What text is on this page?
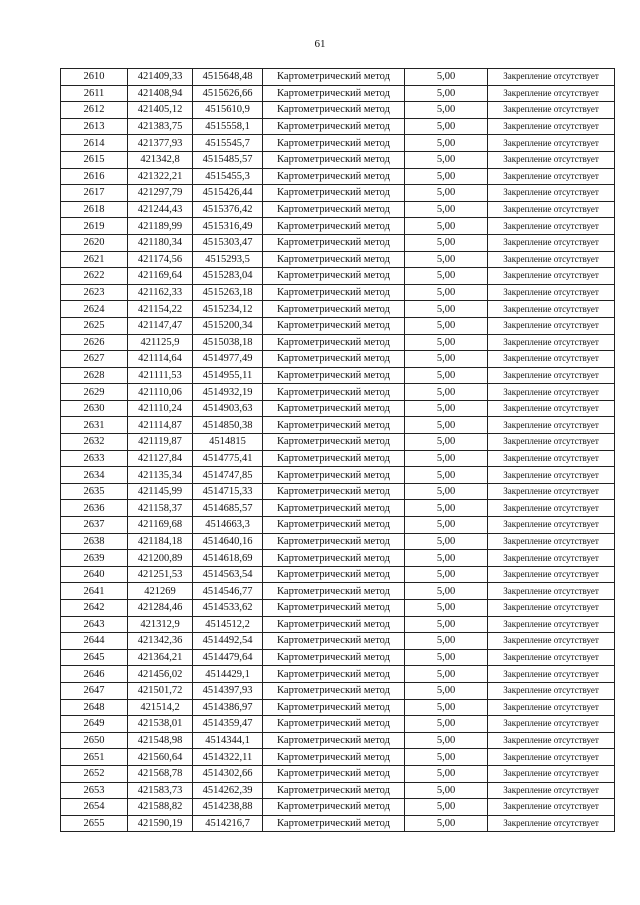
61
2610	421409,33	4515648,48	Картометрический метод	5,00	Закрепление отсутствует
2611	421408,94	4515626,66	Картометрический метод	5,00	Закрепление отсутствует
2612	421405,12	4515610,9	Картометрический метод	5,00	Закрепление отсутствует
2613	421383,75	4515558,1	Картометрический метод	5,00	Закрепление отсутствует
2614	421377,93	4515545,7	Картометрический метод	5,00	Закрепление отсутствует
2615	421342,8	4515485,57	Картометрический метод	5,00	Закрепление отсутствует
2616	421322,21	4515455,3	Картометрический метод	5,00	Закрепление отсутствует
2617	421297,79	4515426,44	Картометрический метод	5,00	Закрепление отсутствует
2618	421244,43	4515376,42	Картометрический метод	5,00	Закрепление отсутствует
2619	421189,99	4515316,49	Картометрический метод	5,00	Закрепление отсутствует
2620	421180,34	4515303,47	Картометрический метод	5,00	Закрепление отсутствует
2621	421174,56	4515293,5	Картометрический метод	5,00	Закрепление отсутствует
2622	421169,64	4515283,04	Картометрический метод	5,00	Закрепление отсутствует
2623	421162,33	4515263,18	Картометрический метод	5,00	Закрепление отсутствует
2624	421154,22	4515234,12	Картометрический метод	5,00	Закрепление отсутствует
2625	421147,47	4515200,34	Картометрический метод	5,00	Закрепление отсутствует
2626	421125,9	4515038,18	Картометрический метод	5,00	Закрепление отсутствует
2627	421114,64	4514977,49	Картометрический метод	5,00	Закрепление отсутствует
2628	421111,53	4514955,11	Картометрический метод	5,00	Закрепление отсутствует
2629	421110,06	4514932,19	Картометрический метод	5,00	Закрепление отсутствует
2630	421110,24	4514903,63	Картометрический метод	5,00	Закрепление отсутствует
2631	421114,87	4514850,38	Картометрический метод	5,00	Закрепление отсутствует
2632	421119,87	4514815	Картометрический метод	5,00	Закрепление отсутствует
2633	421127,84	4514775,41	Картометрический метод	5,00	Закрепление отсутствует
2634	421135,34	4514747,85	Картометрический метод	5,00	Закрепление отсутствует
2635	421145,99	4514715,33	Картометрический метод	5,00	Закрепление отсутствует
2636	421158,37	4514685,57	Картометрический метод	5,00	Закрепление отсутствует
2637	421169,68	4514663,3	Картометрический метод	5,00	Закрепление отсутствует
2638	421184,18	4514640,16	Картометрический метод	5,00	Закрепление отсутствует
2639	421200,89	4514618,69	Картометрический метод	5,00	Закрепление отсутствует
2640	421251,53	4514563,54	Картометрический метод	5,00	Закрепление отсутствует
2641	421269	4514546,77	Картометрический метод	5,00	Закрепление отсутствует
2642	421284,46	4514533,62	Картометрический метод	5,00	Закрепление отсутствует
2643	421312,9	4514512,2	Картометрический метод	5,00	Закрепление отсутствует
2644	421342,36	4514492,54	Картометрический метод	5,00	Закрепление отсутствует
2645	421364,21	4514479,64	Картометрический метод	5,00	Закрепление отсутствует
2646	421456,02	4514429,1	Картометрический метод	5,00	Закрепление отсутствует
2647	421501,72	4514397,93	Картометрический метод	5,00	Закрепление отсутствует
2648	421514,2	4514386,97	Картометрический метод	5,00	Закрепление отсутствует
2649	421538,01	4514359,47	Картометрический метод	5,00	Закрепление отсутствует
2650	421548,98	4514344,1	Картометрический метод	5,00	Закрепление отсутствует
2651	421560,64	4514322,11	Картометрический метод	5,00	Закрепление отсутствует
2652	421568,78	4514302,66	Картометрический метод	5,00	Закрепление отсутствует
2653	421583,73	4514262,39	Картометрический метод	5,00	Закрепление отсутствует
2654	421588,82	4514238,88	Картометрический метод	5,00	Закрепление отсутствует
2655	421590,19	4514216,7	Картометрический метод	5,00	Закрепление отсутствует
